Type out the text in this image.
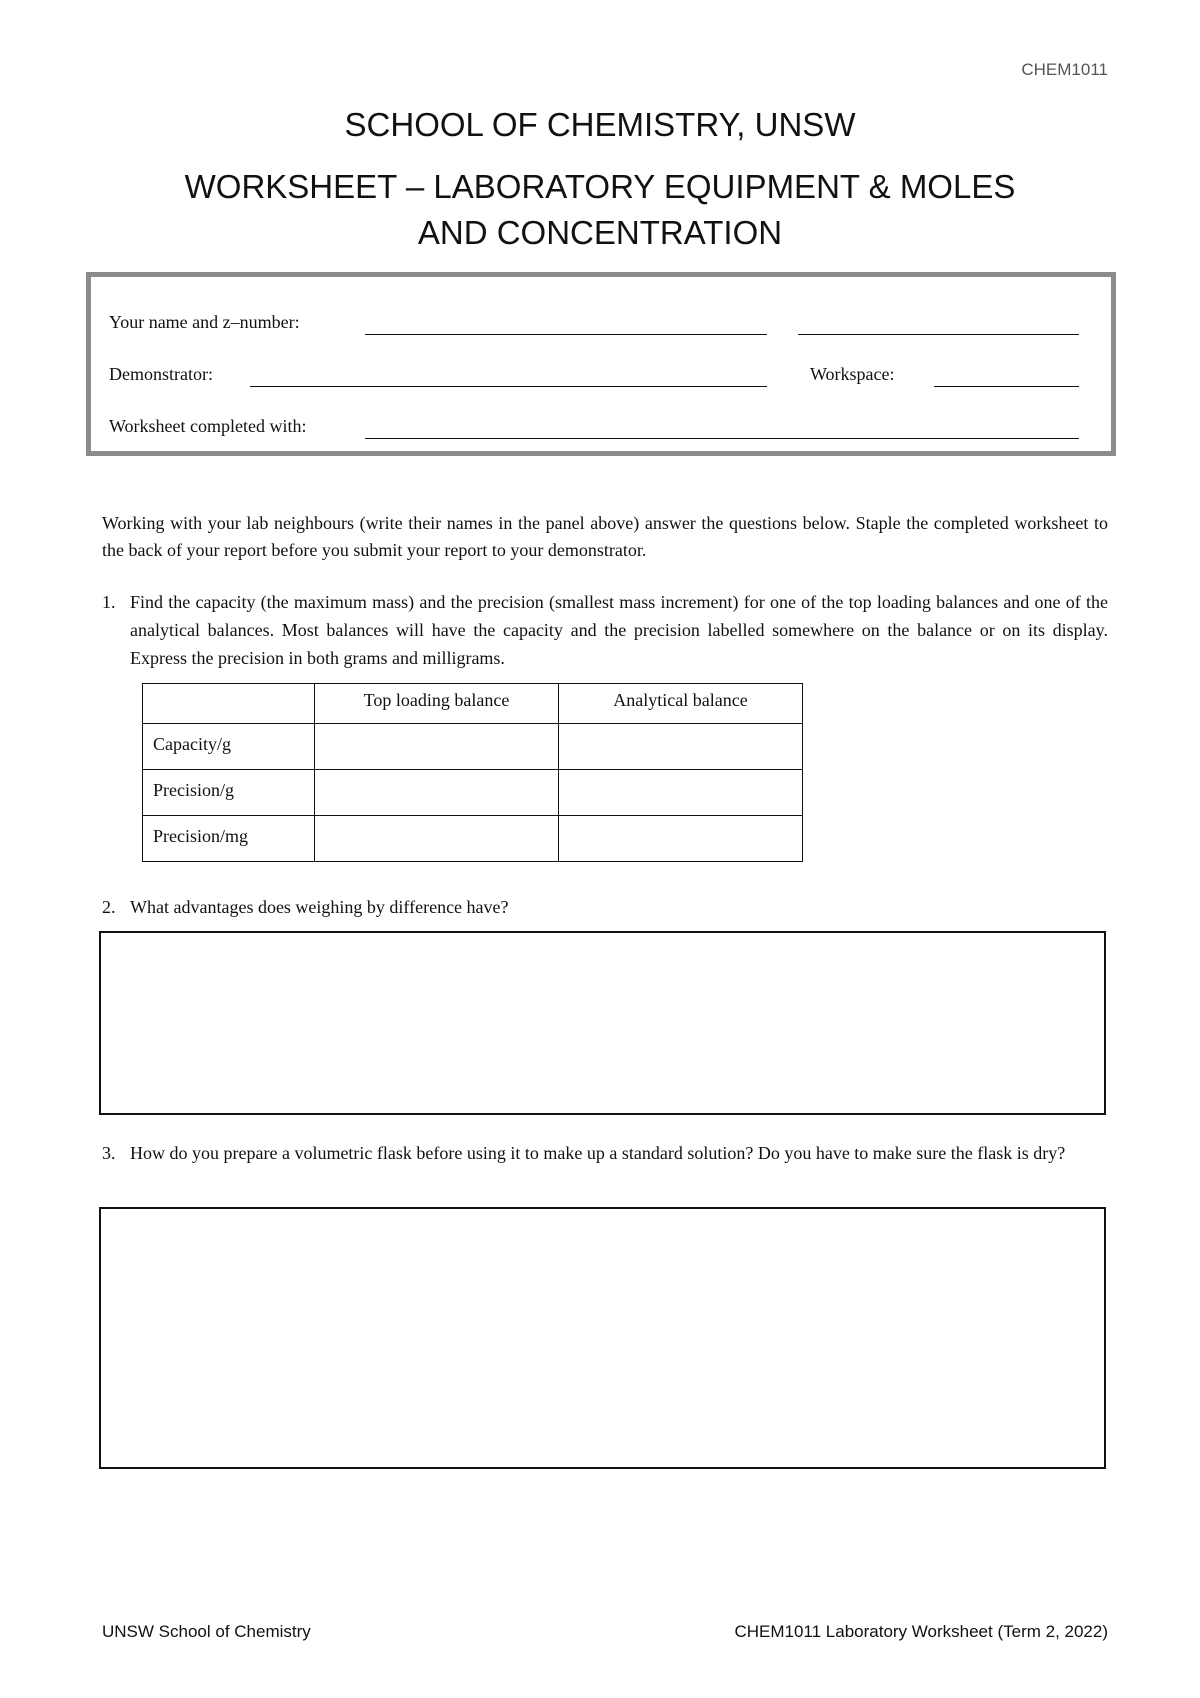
CHEM1011
SCHOOL OF CHEMISTRY, UNSW
WORKSHEET – LABORATORY EQUIPMENT & MOLES
AND CONCENTRATION
Your name and z–number:
Demonstrator:	Workspace:
Worksheet completed with:
Working with your lab neighbours (write their names in the panel above) answer the questions below. Staple the completed worksheet to the back of your report before you submit your report to your demonstrator.
1. Find the capacity (the maximum mass) and the precision (smallest mass increment) for one of the top loading balances and one of the analytical balances. Most balances will have the capacity and the precision labelled somewhere on the balance or on its display. Express the precision in both grams and milligrams.
	Top loading balance	Analytical balance
Capacity/g		
Precision/g		
Precision/mg		
2. What advantages does weighing by difference have?
3. How do you prepare a volumetric flask before using it to make up a standard solution? Do you have to make sure the flask is dry?
UNSW School of Chemistry	CHEM1011 Laboratory Worksheet (Term 2, 2022)
